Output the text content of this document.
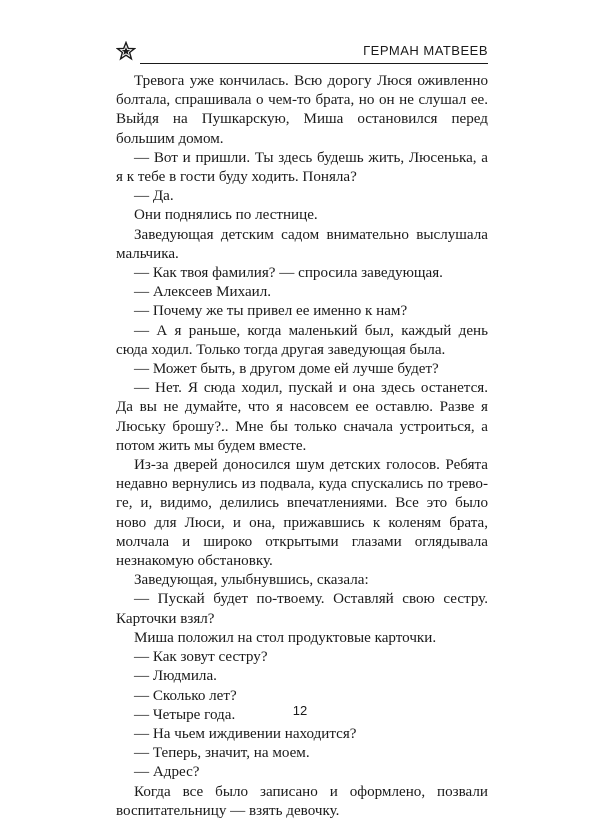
ГЕРМАН МАТВЕЕВ

Тревога уже кончилась. Всю дорогу Люся оживленно болтала, спрашивала о чем-то брата, но он не слушал ее. Выйдя на Пушкарскую, Миша остановился перед большим домом.

— Вот и пришли. Ты здесь будешь жить, Люсенька, а я к тебе в гости буду ходить. Поняла?

— Да.

Они поднялись по лестнице.

Заведующая детским садом внимательно выслушала мальчика.

— Как твоя фамилия? — спросила заведующая.

— Алексеев Михаил.

— Почему же ты привел ее именно к нам?

— А я раньше, когда маленький был, каждый день сюда ходил. Только тогда другая заведующая была.

— Может быть, в другом доме ей лучше будет?

— Нет. Я сюда ходил, пускай и она здесь останется. Да вы не думайте, что я насовсем ее оставлю. Разве я Люську брошу?.. Мне бы только сначала устроиться, а потом жить мы будем вместе.

Из-за дверей доносился шум детских голосов. Ребята недавно вернулись из подвала, куда спускались по тревоге, и, видимо, делились впечатлениями. Все это было ново для Люси, и она, прижавшись к коленям брата, молчала и широко открытыми глазами оглядывала незнакомую обстановку.

Заведующая, улыбнувшись, сказала:

— Пускай будет по-твоему. Оставляй свою сестру. Карточки взял?

Миша положил на стол продуктовые карточки.

— Как зовут сестру?

— Людмила.

— Сколько лет?

— Четыре года.

— На чьем иждивении находится?

— Теперь, значит, на моем.

— Адрес?

Когда все было записано и оформлено, позвали воспитательницу — взять девочку.

12
